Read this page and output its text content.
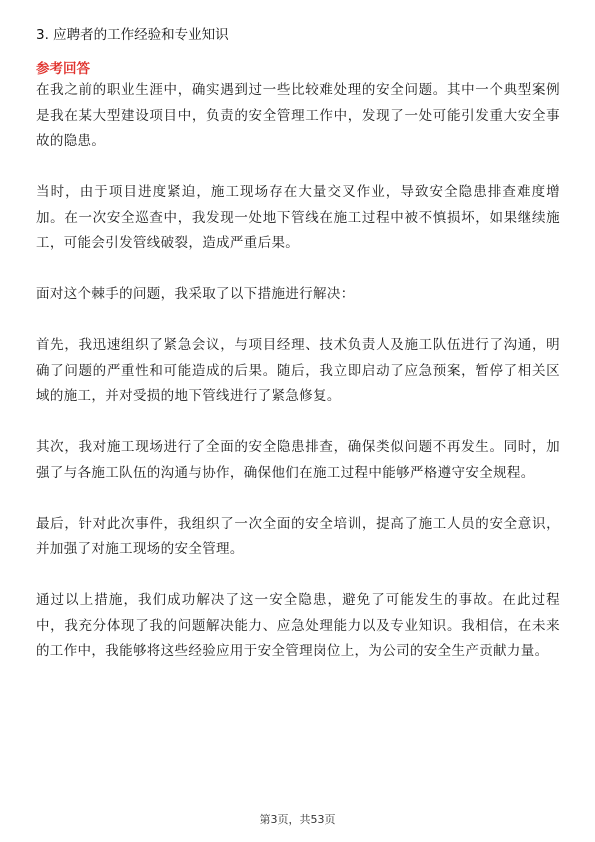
3. 应聘者的工作经验和专业知识
参考回答

在我之前的职业生涯中，确实遇到过一些比较难处理的安全问题。其中一个典型案例是我在某大型建设项目中，负责的安全管理工作中，发现了一处可能引发重大安全事故的隐患。

当时，由于项目进度紧迫，施工现场存在大量交叉作业，导致安全隐患排查难度增加。在一次安全巡查中，我发现一处地下管线在施工过程中被不慎损坏，如果继续施工，可能会引发管线破裂，造成严重后果。

面对这个棘手的问题，我采取了以下措施进行解决：

首先，我迅速组织了紧急会议，与项目经理、技术负责人及施工队伍进行了沟通，明确了问题的严重性和可能造成的后果。随后，我立即启动了应急预案，暂停了相关区域的施工，并对受损的地下管线进行了紧急修复。

其次，我对施工现场进行了全面的安全隐患排查，确保类似问题不再发生。同时，加强了与各施工队伍的沟通与协作，确保他们在施工过程中能够严格遵守安全规程。

最后，针对此次事件，我组织了一次全面的安全培训，提高了施工人员的安全意识，并加强了对施工现场的安全管理。

通过以上措施，我们成功解决了这一安全隐患，避免了可能发生的事故。在此过程中，我充分体现了我的问题解决能力、应急处理能力以及专业知识。我相信，在未来的工作中，我能够将这些经验应用于安全管理岗位上，为公司的安全生产贡献力量。

第3页，共53页
